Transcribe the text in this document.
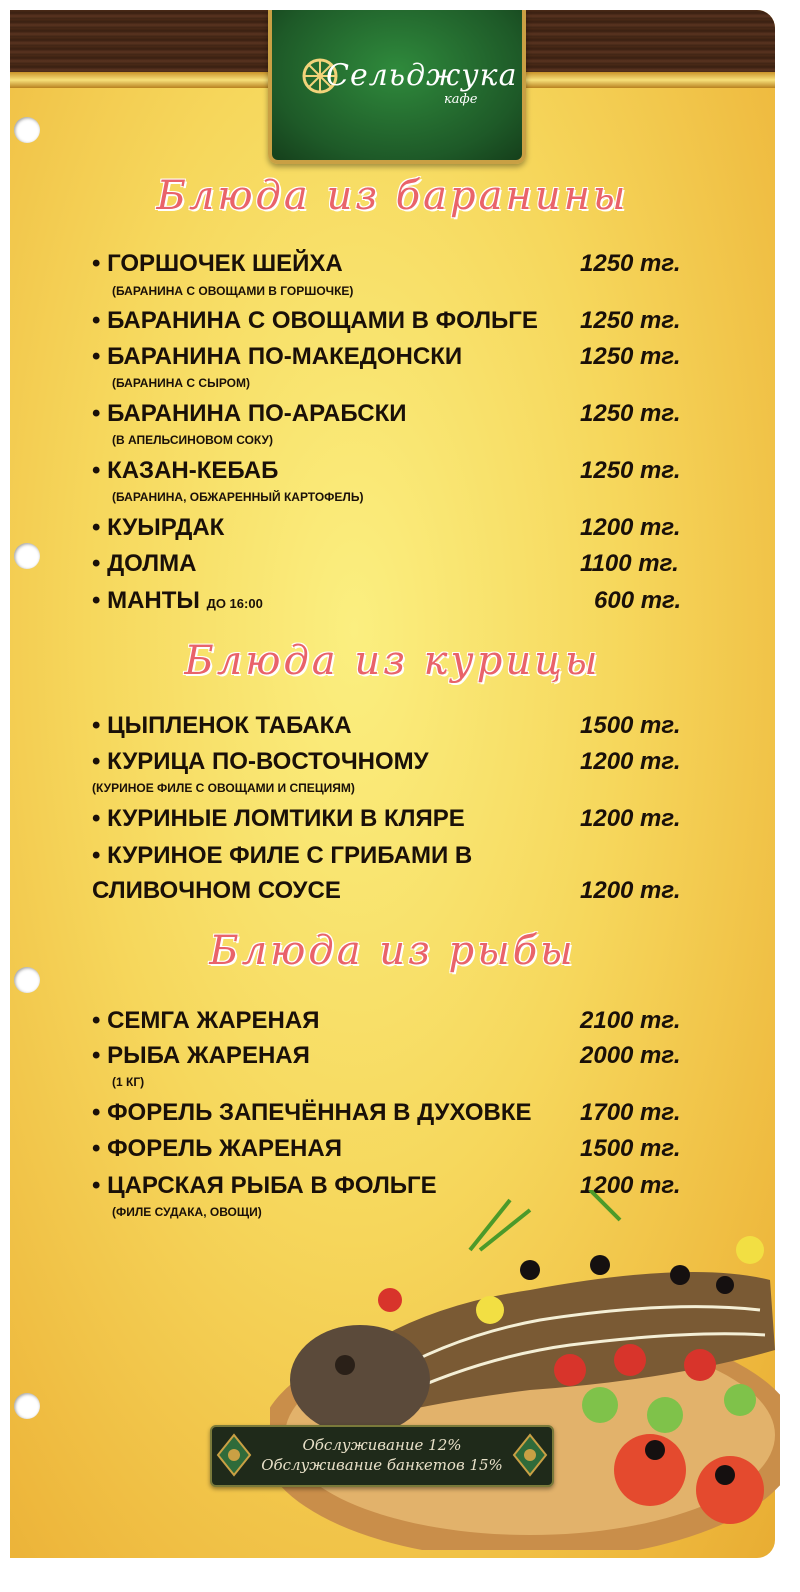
Сельджука
кафе
Блюда из баранины
• ГОРШОЧЕК ШЕЙХА	1250 тг.
(БАРАНИНА С ОВОЩАМИ В ГОРШОЧКЕ)
• БАРАНИНА С ОВОЩАМИ В ФОЛЬГЕ 1250 тг.
• БАРАНИНА ПО-МАКЕДОНСКИ	1250 тг.
(БАРАНИНА С СЫРОМ)
• БАРАНИНА ПО-АРАБСКИ	1250 тг.
(В АПЕЛЬСИНОВОМ СОКУ)
• КАЗАН-КЕБАБ	1250 тг.
(БАРАНИНА, ОБЖАРЕННЫЙ КАРТОФЕЛЬ)
• КУЫРДАК	1200 тг.
• ДОЛМА	1100 тг.
• МАНТЫ ДО 16:00	600 тг.
Блюда из курицы
• ЦЫПЛЕНОК ТАБАКА	1500 тг.
• КУРИЦА ПО-ВОСТОЧНОМУ	1200 тг.
(КУРИНОЕ ФИЛЕ С ОВОЩАМИ И СПЕЦИЯМ)
• КУРИНЫЕ ЛОМТИКИ В КЛЯРЕ	1200 тг.
• КУРИНОЕ ФИЛЕ С ГРИБАМИ В
СЛИВОЧНОМ СОУСЕ	1200 тг.
Блюда из рыбы
• СЕМГА ЖАРЕНАЯ	2100 тг.
• РЫБА ЖАРЕНАЯ	2000 тг.
(1 КГ)
• ФОРЕЛЬ ЗАПЕЧЁННАЯ В ДУХОВКЕ 1700 тг.
• ФОРЕЛЬ ЖАРЕНАЯ	1500 тг.
• ЦАРСКАЯ РЫБА В ФОЛЬГЕ	1200 тг.
(ФИЛЕ СУДАКА, ОВОЩИ)
Обслуживание 12%
Обслуживание банкетов 15%
